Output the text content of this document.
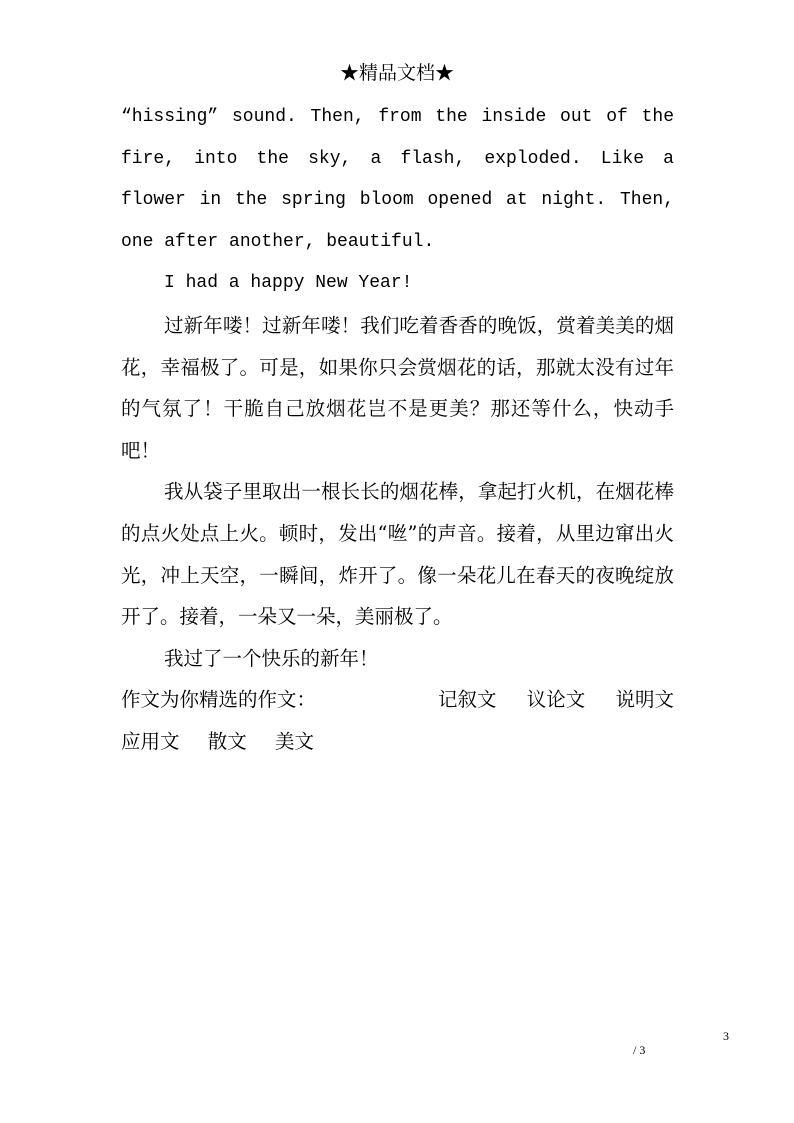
★精品文档★

“hissing” sound. Then, from the inside out of the fire, into the sky, a flash, exploded. Like a flower in the spring bloom opened at night. Then, one after another, beautiful.

I had a happy New Year!

过新年喽！过新年喽！我们吃着香香的晚饭，赏着美美的烟花，幸福极了。可是，如果你只会赏烟花的话，那就太没有过年的气氛了！干脆自己放烟花岂不是更美？那还等什么，快动手吧！

我从袋子里取出一根长长的烟花棒，拿起打火机，在烟花棒的点火处点上火。顿时，发出“咝”的声音。接着，从里边窜出火光，冲上天空，一瞬间，炸开了。像一朵花儿在春天的夜晚绽放开了。接着，一朵又一朵，美丽极了。

我过了一个快乐的新年！

作文为你精选的作文：	记叙文 议论文 说明文
应用文 散文 美文
3
/ 3
